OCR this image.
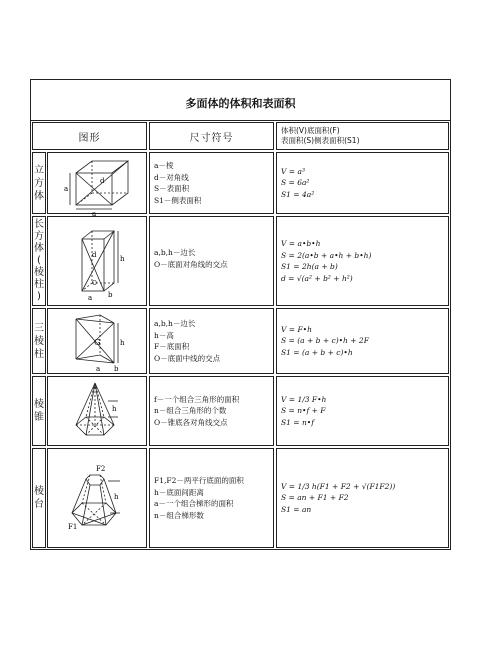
多面体的体积和表面积
图形	尺寸符号
体积(V)底面积(F)
表面积(S)侧表面积(S1)
立
方
体
a
d
a
a－棱
d－对角线
S－表面积
S1－侧表面积
V = a³
S = 6a²
S1 = 4a²
长
方
体
(
棱
柱
)
h
d
O
a b
a,b,h－边长
O－底面对角线的交点
V = a•b•h
S = 2(a•b + a•h + b•h)
S1 = 2h(a + b)
d = √(a² + b² + h²)
三
棱
柱
h
G
a b
a,b,h－边长
h－高
F－底面积
O－底面中线的交点
V = F•h
S = (a + b + c)•h + 2F
S1 = (a + b + c)•h
棱
锥
h
f－一个组合三角形的面积
n－组合三角形的个数
O－锥底各对角线交点
V = 1/3 F•h
S = n•f + F
S1 = n•f
棱
台
F2
F1
h
F1,F2－两平行底面的面积
h－底面间距离
a－一个组合梯形的面积
n－组合梯形数
V = 1/3 h(F1 + F2 + √(F1F2))
S = an + F1 + F2
S1 = an
